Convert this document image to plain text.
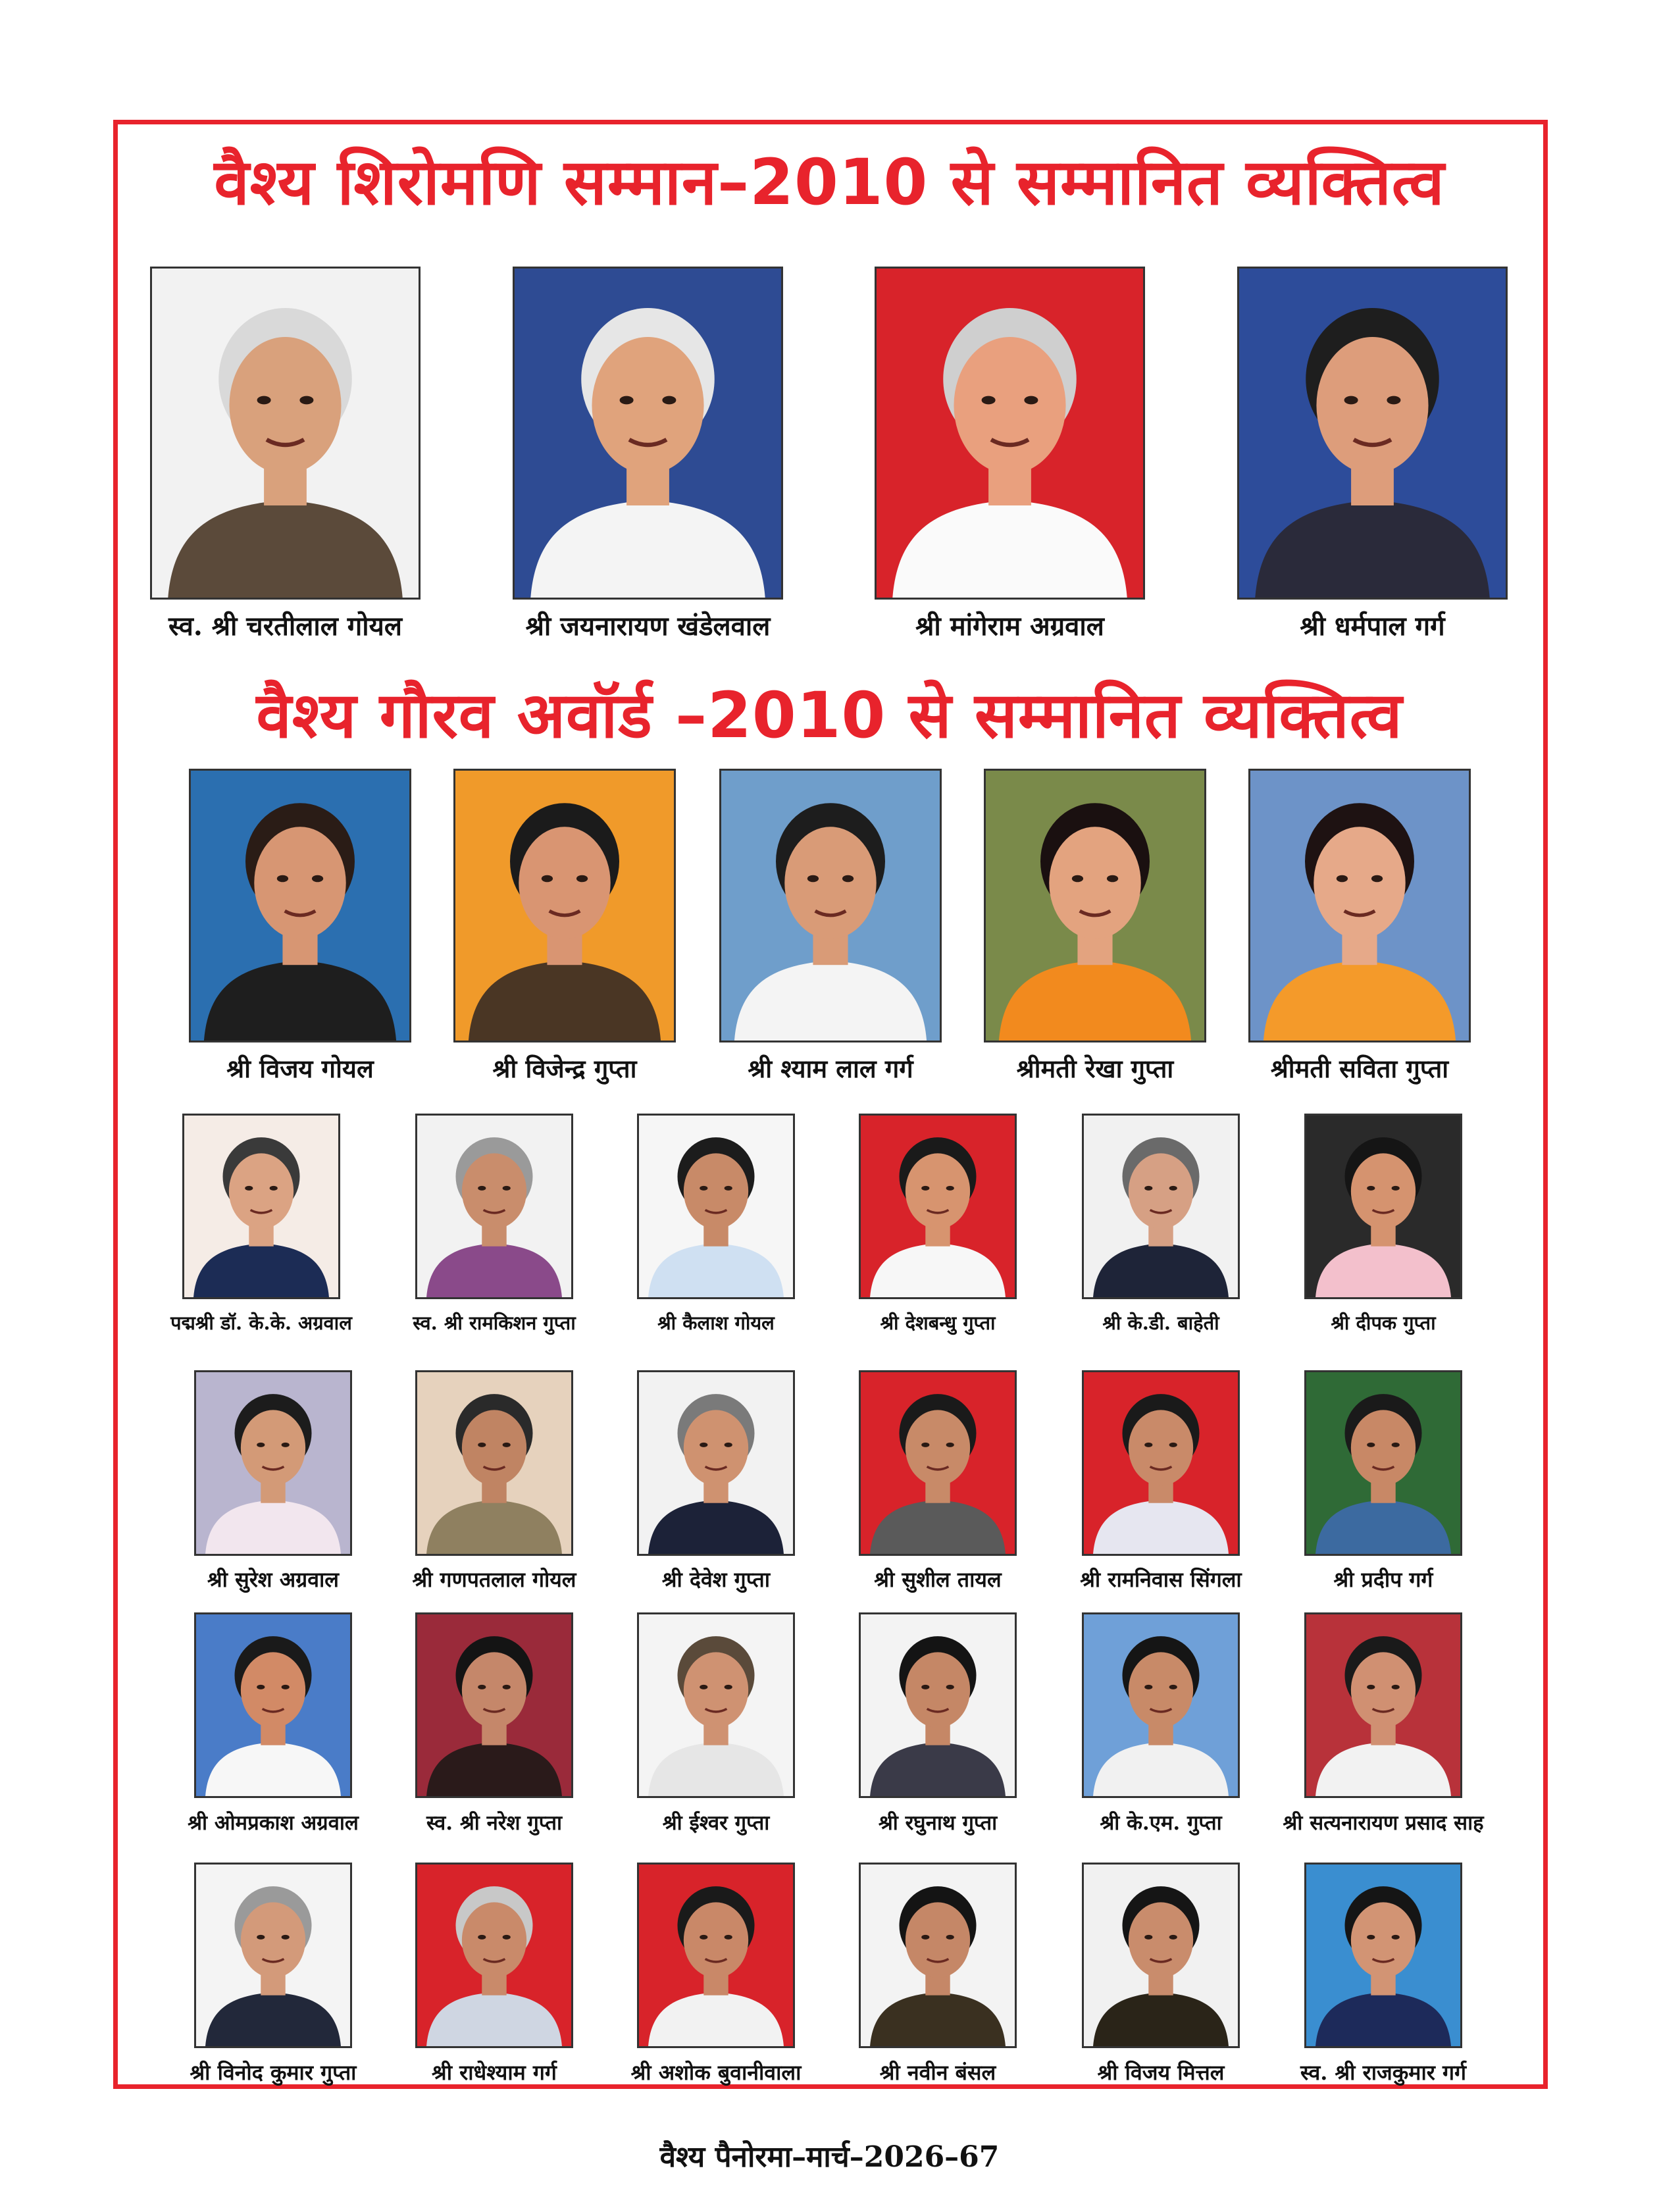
वैश्य शिरोमणि सम्मान–2010 से सम्मानित व्यक्तित्व
वैश्य गौरव अवॉर्ड –2010 से सम्मानित व्यक्तित्व
स्व. श्री चरतीलाल गोयल	श्री जयनारायण खंडेलवाल	श्री मांगेराम अग्रवाल	श्री धर्मपाल गर्ग
श्री विजय गोयल	श्री विजेन्द्र गुप्ता	श्री श्याम लाल गर्ग	श्रीमती रेखा गुप्ता	श्रीमती सविता गुप्ता
पद्मश्री डॉ. के.के. अग्रवाल	स्व. श्री रामकिशन गुप्ता	श्री कैलाश गोयल	श्री देशबन्धु गुप्ता	श्री के.डी. बाहेती	श्री दीपक गुप्ता
श्री सुरेश अग्रवाल	श्री गणपतलाल गोयल	श्री देवेश गुप्ता	श्री सुशील तायल	श्री रामनिवास सिंगला	श्री प्रदीप गर्ग
श्री ओमप्रकाश अग्रवाल	स्व. श्री नरेश गुप्ता	श्री ईश्वर गुप्ता	श्री रघुनाथ गुप्ता	श्री के.एम. गुप्ता	श्री सत्यनारायण प्रसाद साह
श्री विनोद कुमार गुप्ता	श्री राधेश्याम गर्ग	श्री अशोक बुवानीवाला	श्री नवीन बंसल	श्री विजय मित्तल	स्व. श्री राजकुमार गर्ग
वैश्य पैनोरमा–मार्च–2026–67
